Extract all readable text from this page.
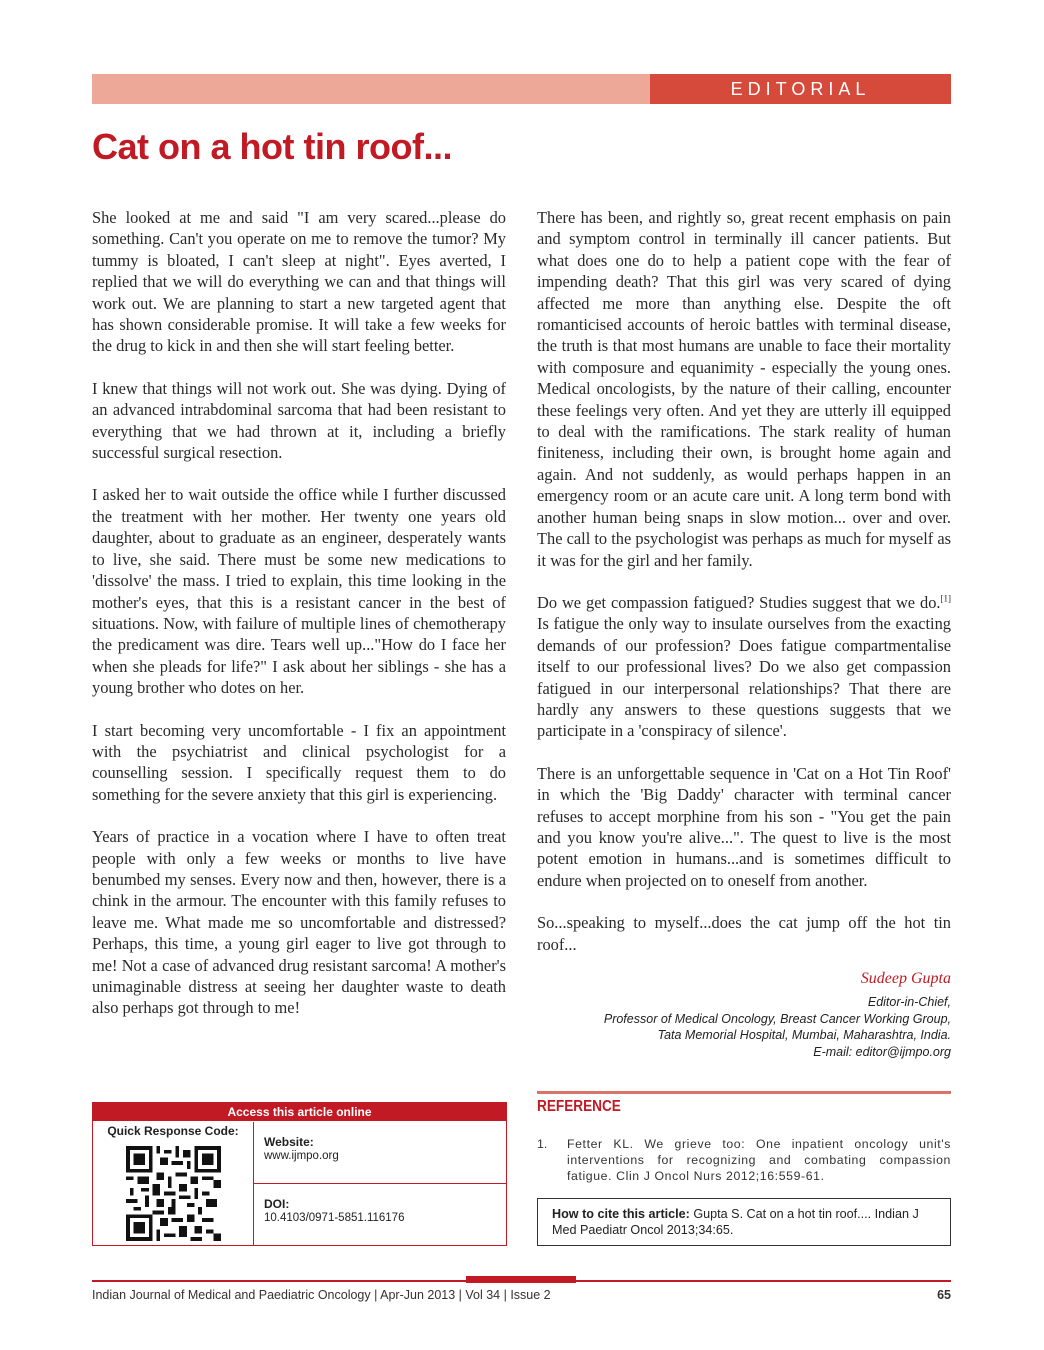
EDITORIAL
Cat on a hot tin roof...

She looked at me and said "I am very scared...please do something. Can't you operate on me to remove the tumor? My tummy is bloated, I can't sleep at night". Eyes averted, I replied that we will do everything we can and that things will work out. We are planning to start a new targeted agent that has shown considerable promise. It will take a few weeks for the drug to kick in and then she will start feeling better.

I knew that things will not work out. She was dying. Dying of an advanced intrabdominal sarcoma that had been resistant to everything that we had thrown at it, including a briefly successful surgical resection.

I asked her to wait outside the office while I further discussed the treatment with her mother. Her twenty one years old daughter, about to graduate as an engineer, desperately wants to live, she said. There must be some new medications to 'dissolve' the mass. I tried to explain, this time looking in the mother's eyes, that this is a resistant cancer in the best of situations. Now, with failure of multiple lines of chemotherapy the predicament was dire. Tears well up..."How do I face her when she pleads for life?" I ask about her siblings - she has a young brother who dotes on her.

I start becoming very uncomfortable - I fix an appointment with the psychiatrist and clinical psychologist for a counselling session. I specifically request them to do something for the severe anxiety that this girl is experiencing.

Years of practice in a vocation where I have to often treat people with only a few weeks or months to live have benumbed my senses. Every now and then, however, there is a chink in the armour. The encounter with this family refuses to leave me. What made me so uncomfortable and distressed? Perhaps, this time, a young girl eager to live got through to me! Not a case of advanced drug resistant sarcoma! A mother's unimaginable distress at seeing her daughter waste to death also perhaps got through to me!

There has been, and rightly so, great recent emphasis on pain and symptom control in terminally ill cancer patients. But what does one do to help a patient cope with the fear of impending death? That this girl was very scared of dying affected me more than anything else. Despite the oft romanticised accounts of heroic battles with terminal disease, the truth is that most humans are unable to face their mortality with composure and equanimity - especially the young ones. Medical oncologists, by the nature of their calling, encounter these feelings very often. And yet they are utterly ill equipped to deal with the ramifications. The stark reality of human finiteness, including their own, is brought home again and again. And not suddenly, as would perhaps happen in an emergency room or an acute care unit. A long term bond with another human being snaps in slow motion... over and over. The call to the psychologist was perhaps as much for myself as it was for the girl and her family.

Do we get compassion fatigued? Studies suggest that we do.[1] Is fatigue the only way to insulate ourselves from the exacting demands of our profession? Does fatigue compartmentalise itself to our professional lives? Do we also get compassion fatigued in our interpersonal relationships? That there are hardly any answers to these questions suggests that we participate in a 'conspiracy of silence'.

There is an unforgettable sequence in 'Cat on a Hot Tin Roof' in which the 'Big Daddy' character with terminal cancer refuses to accept morphine from his son - "You get the pain and you know you're alive...". The quest to live is the most potent emotion in humans...and is sometimes difficult to endure when projected on to oneself from another.

So...speaking to myself...does the cat jump off the hot tin roof...

Sudeep Gupta
Editor-in-Chief,
Professor of Medical Oncology, Breast Cancer Working Group,
Tata Memorial Hospital, Mumbai, Maharashtra, India.
E-mail: editor@ijmpo.org
REFERENCE
1. Fetter KL. We grieve too: One inpatient oncology unit's interventions for recognizing and combating compassion fatigue. Clin J Oncol Nurs 2012;16:559-61.
How to cite this article: Gupta S. Cat on a hot tin roof.... Indian J Med Paediatr Oncol 2013;34:65.
Access this article online
Quick Response Code:
Website:
www.ijmpo.org
DOI:
10.4103/0971-5851.116176
Indian Journal of Medical and Paediatric Oncology | Apr-Jun 2013 | Vol 34 | Issue 2	65
